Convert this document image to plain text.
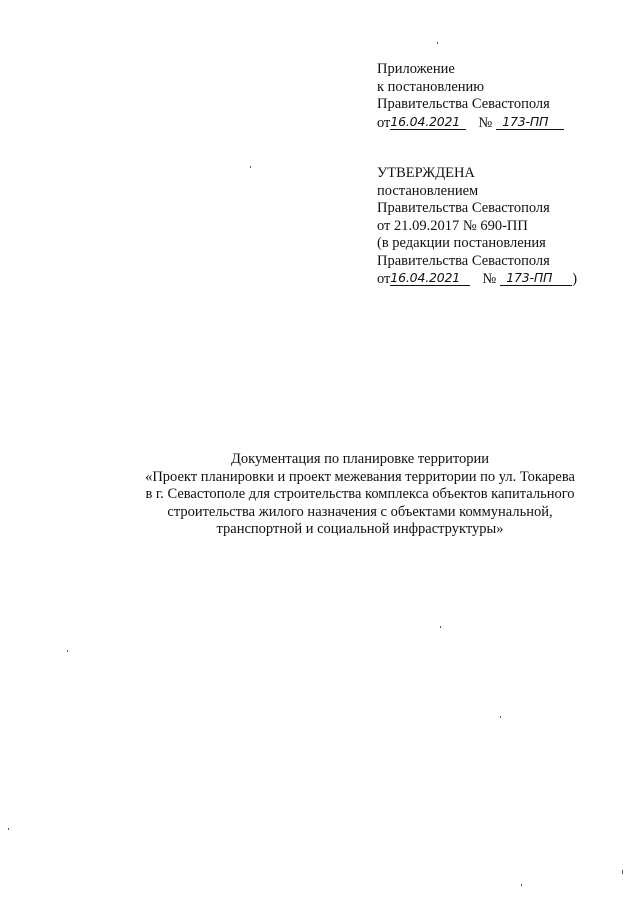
Приложение
к постановлению
Правительства Севастополя
от16.04.2021 № 173-ПП
УТВЕРЖДЕНА
постановлением
Правительства Севастополя
от 21.09.2017 № 690-ПП
(в редакции постановления
Правительства Севастополя
от16.04.2021 № 173-ПП )
Документация по планировке территории
«Проект планировки и проект межевания территории по ул. Токарева
в г. Севастополе для строительства комплекса объектов капитального
строительства жилого назначения с объектами коммунальной,
транспортной и социальной инфраструктуры»
